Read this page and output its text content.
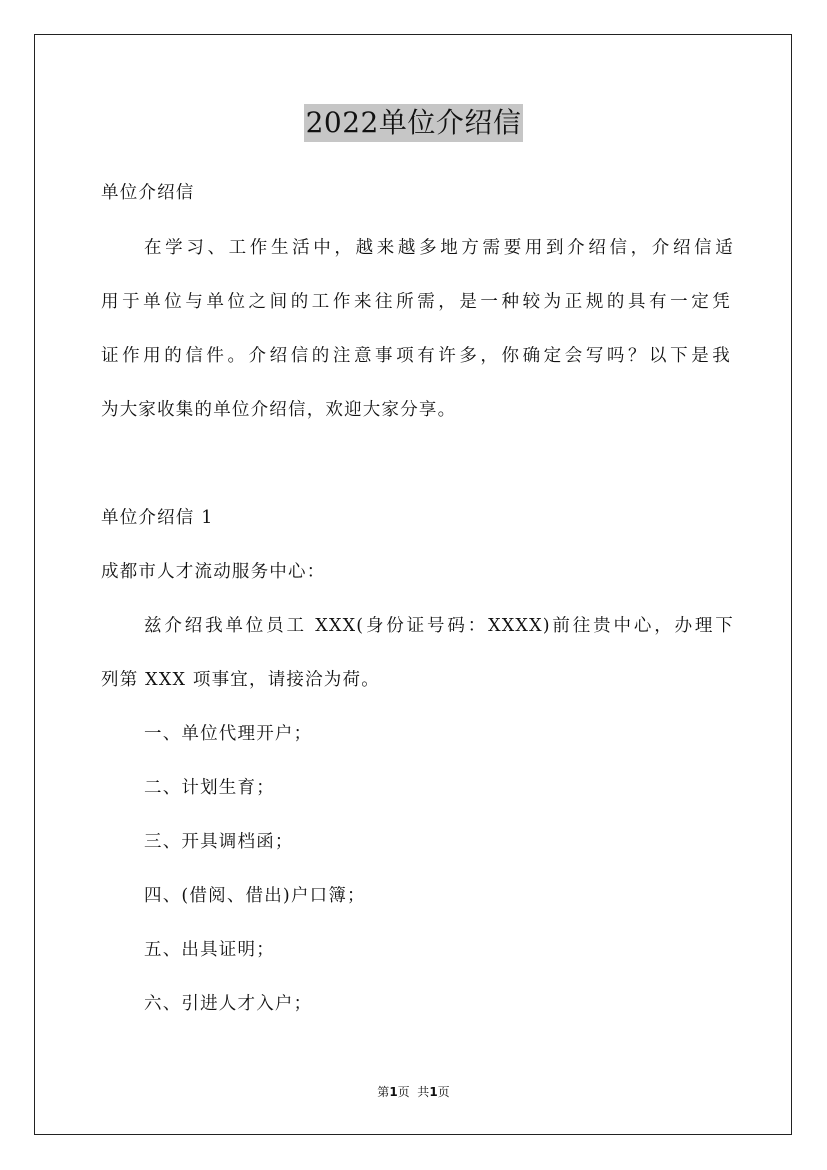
2022单位介绍信
单位介绍信
在学习、工作生活中，越来越多地方需要用到介绍信，介绍信适
用于单位与单位之间的工作来往所需，是一种较为正规的具有一定凭
证作用的信件。介绍信的注意事项有许多，你确定会写吗？以下是我
为大家收集的单位介绍信，欢迎大家分享。
单位介绍信 1
成都市人才流动服务中心：
兹介绍我单位员工 XXX(身份证号码：XXXX)前往贵中心，办理下
列第 XXX 项事宜，请接洽为荷。
一、单位代理开户；
二、计划生育；
三、开具调档函；
四、(借阅、借出)户口簿；
五、出具证明；
六、引进人才入户；
第1页  共1页
